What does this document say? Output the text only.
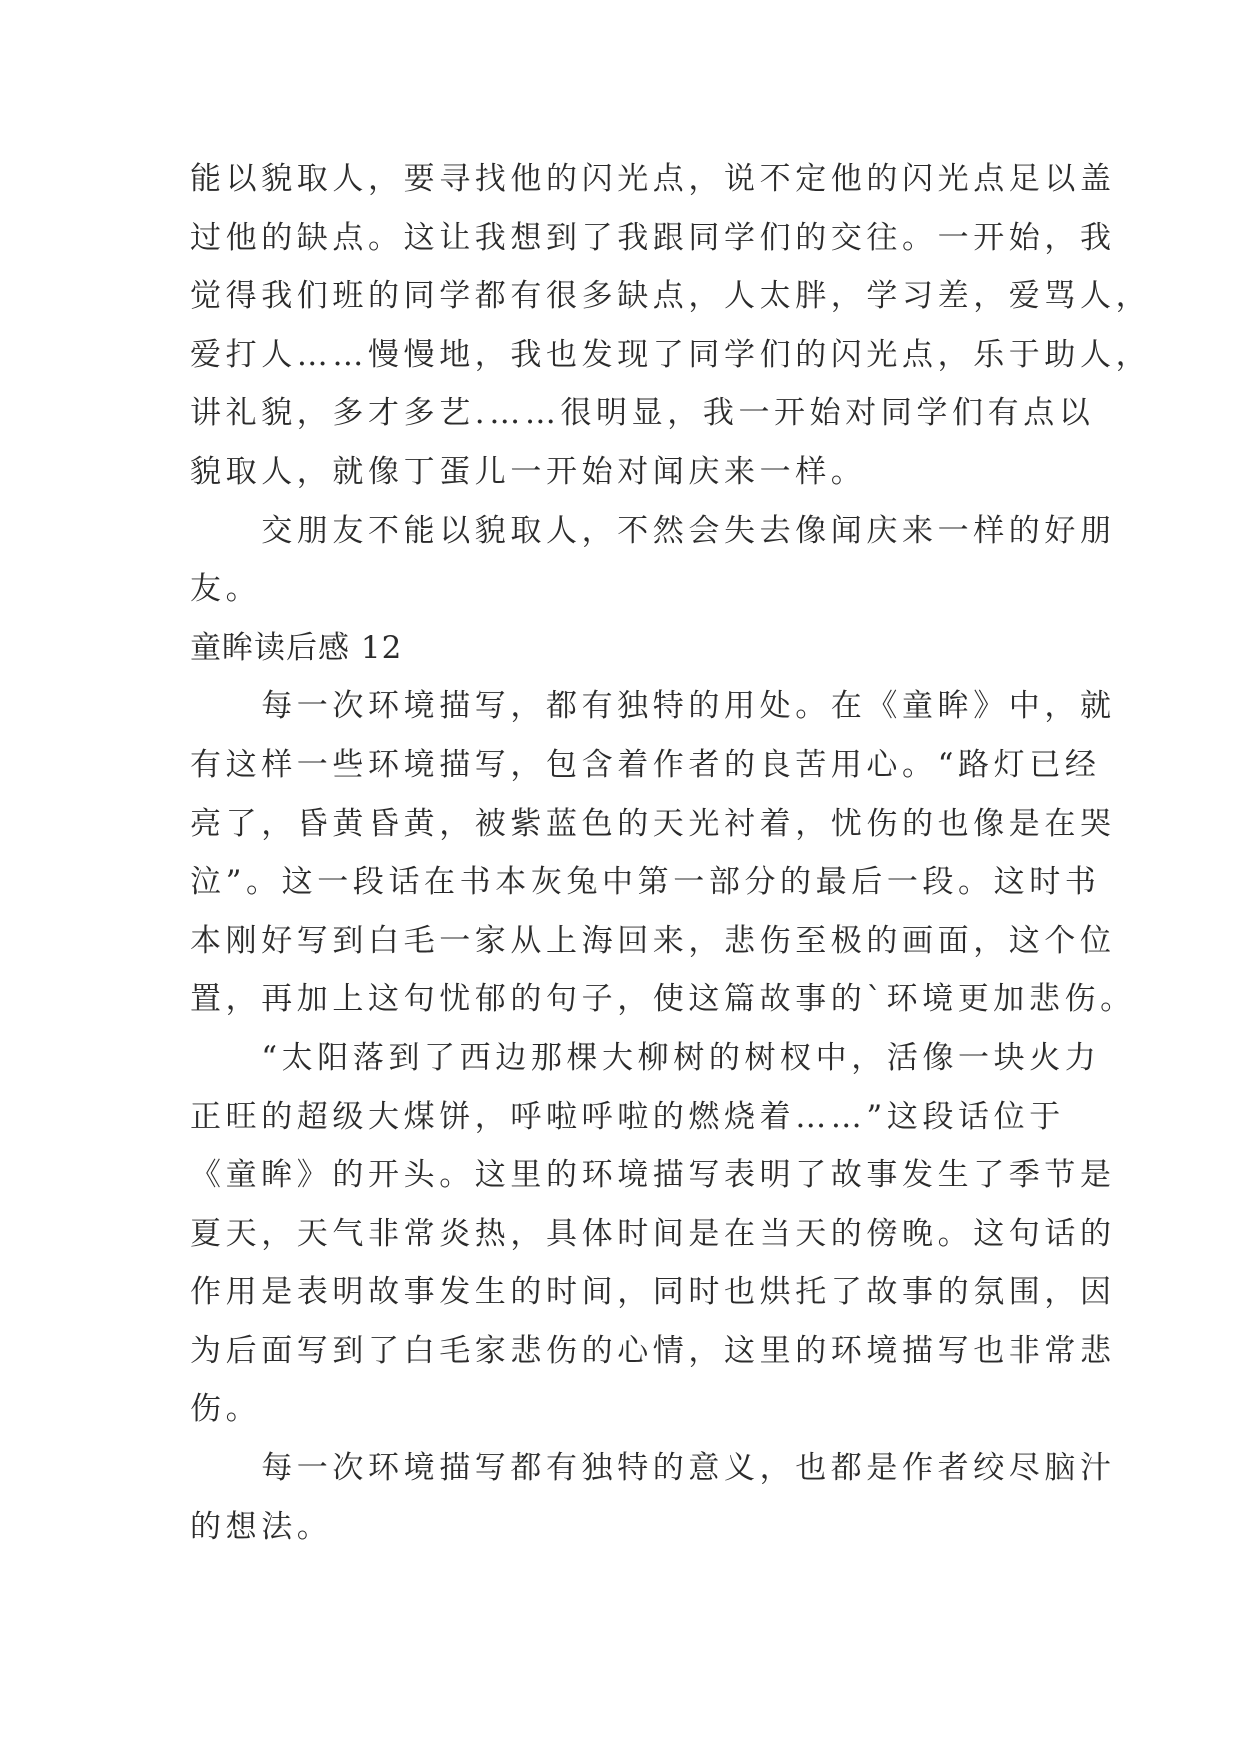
能以貌取人，要寻找他的闪光点，说不定他的闪光点足以盖
过他的缺点。这让我想到了我跟同学们的交往。一开始，我
觉得我们班的同学都有很多缺点，人太胖，学习差，爱骂人，
爱打人……慢慢地，我也发现了同学们的闪光点，乐于助人，
讲礼貌，多才多艺.……很明显，我一开始对同学们有点以
貌取人，就像丁蛋儿一开始对闻庆来一样。

　　交朋友不能以貌取人，不然会失去像闻庆来一样的好朋
友。

童眸读后感 12

　　每一次环境描写，都有独特的用处。在《童眸》中，就
有这样一些环境描写，包含着作者的良苦用心。“路灯已经
亮了，昏黄昏黄，被紫蓝色的天光衬着，忧伤的也像是在哭
泣”。这一段话在书本灰兔中第一部分的最后一段。这时书
本刚好写到白毛一家从上海回来，悲伤至极的画面，这个位
置，再加上这句忧郁的句子，使这篇故事的`环境更加悲伤。

　　“太阳落到了西边那棵大柳树的树杈中，活像一块火力
正旺的超级大煤饼，呼啦呼啦的燃烧着……”这段话位于
《童眸》的开头。这里的环境描写表明了故事发生了季节是
夏天，天气非常炎热，具体时间是在当天的傍晚。这句话的
作用是表明故事发生的时间，同时也烘托了故事的氛围，因
为后面写到了白毛家悲伤的心情，这里的环境描写也非常悲
伤。

　　每一次环境描写都有独特的意义，也都是作者绞尽脑汁
的想法。
